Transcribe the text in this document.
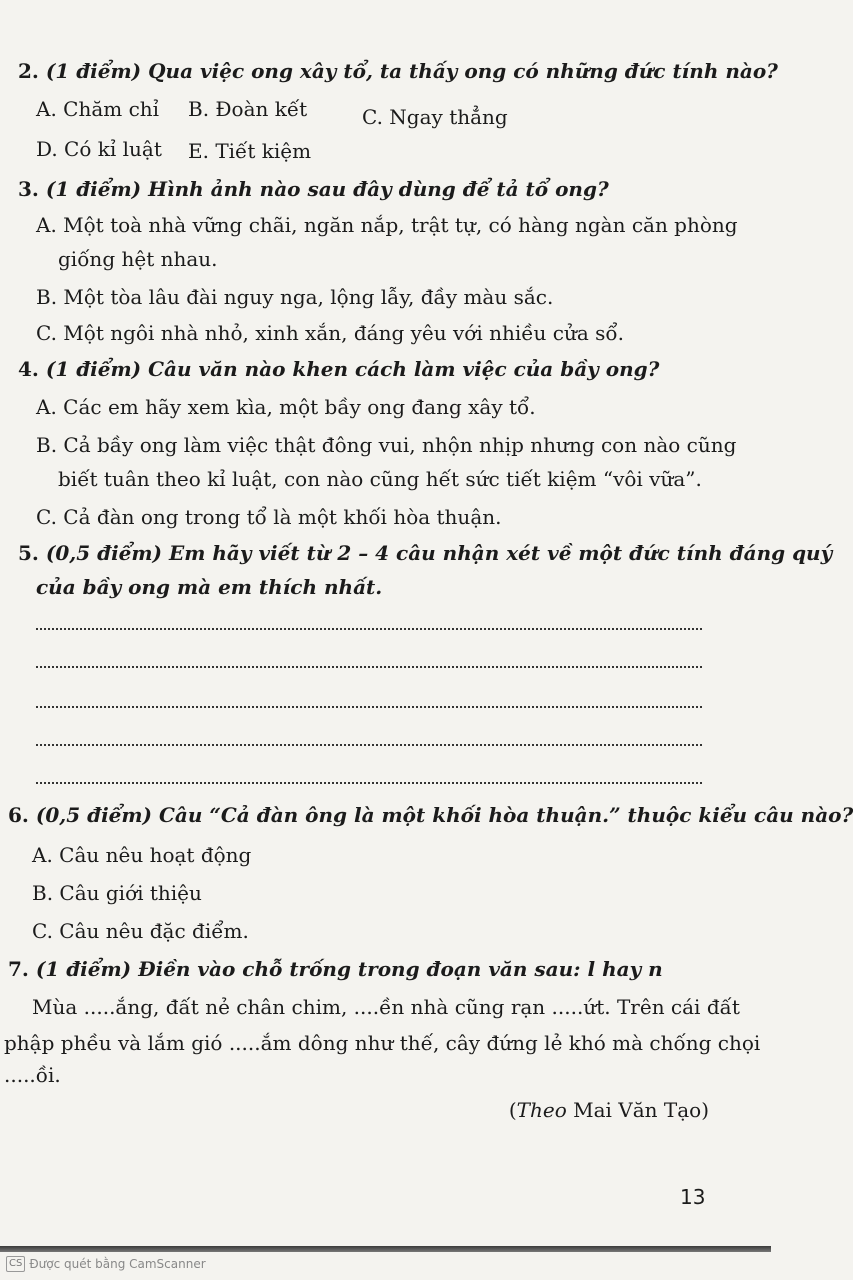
2. (1 điểm) Qua việc ong xây tổ, ta thấy ong có những đức tính nào?
A. Chăm chỉ B. Đoàn kết	C. Ngay thẳng
D. Có kỉ luật E. Tiết kiệm
3. (1 điểm) Hình ảnh nào sau đây dùng để tả tổ ong?
A. Một toà nhà vững chãi, ngăn nắp, trật tự, có hàng ngàn căn phòng
giống hệt nhau.
B. Một tòa lâu đài nguy nga, lộng lẫy, đầy màu sắc.
C. Một ngôi nhà nhỏ, xinh xắn, đáng yêu với nhiều cửa sổ.
4. (1 điểm) Câu văn nào khen cách làm việc của bầy ong?
A. Các em hãy xem kìa, một bầy ong đang xây tổ.
B. Cả bầy ong làm việc thật đông vui, nhộn nhịp nhưng con nào cũng
biết tuân theo kỉ luật, con nào cũng hết sức tiết kiệm “vôi vữa”.
C. Cả đàn ong trong tổ là một khối hòa thuận.
5. (0,5 điểm) Em hãy viết từ 2 – 4 câu nhận xét về một đức tính đáng quý
của bầy ong mà em thích nhất.
6. (0,5 điểm) Câu “Cả đàn ông là một khối hòa thuận.” thuộc kiểu câu nào?
A. Câu nêu hoạt động
B. Câu giới thiệu
C. Câu nêu đặc điểm.
7. (1 điểm) Điền vào chỗ trống trong đoạn văn sau: l hay n
Mùa .....ắng, đất nẻ chân chim, ....ền nhà cũng rạn .....ứt. Trên cái đất
phập phều và lắm gió .....ắm dông như thế, cây đứng lẻ khó mà chống chọi
.....ồi.
(Theo Mai Văn Tạo)
13
CS Được quét bằng CamScanner
